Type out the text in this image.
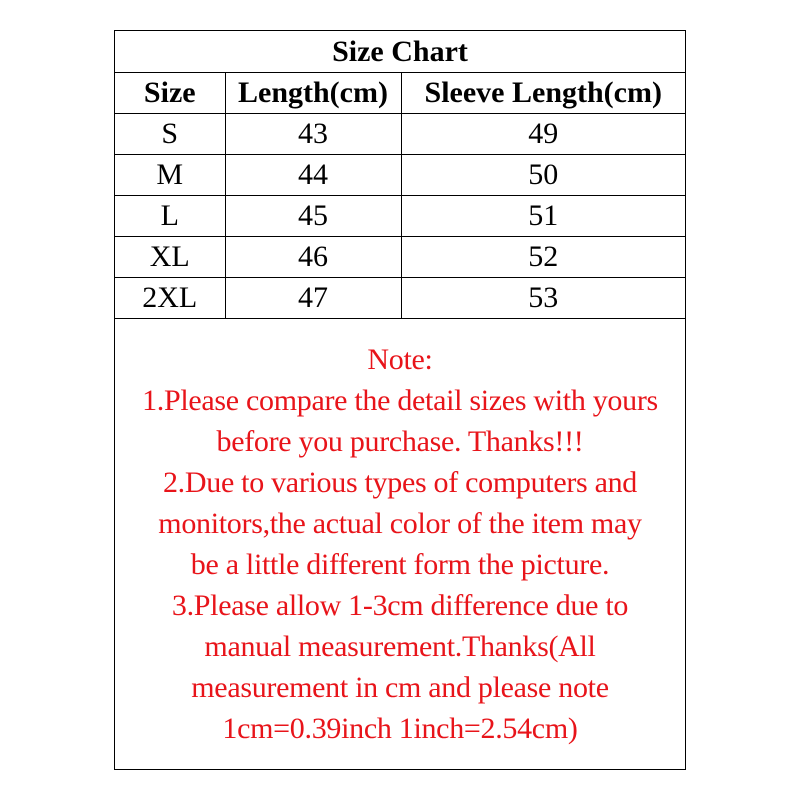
Size Chart		
Size	Length(cm)	Sleeve Length(cm)
S	43	49
M	44	50
L	45	51
XL	46	52
2XL	47	53
Note:
1.Please compare the detail sizes with yours
before you purchase. Thanks!!!
2.Due to various types of computers and
monitors,the actual color of the item may
be a little different form the picture.
3.Please allow 1-3cm difference due to
manual measurement.Thanks(All
measurement in cm and please note
1cm=0.39inch 1inch=2.54cm)
